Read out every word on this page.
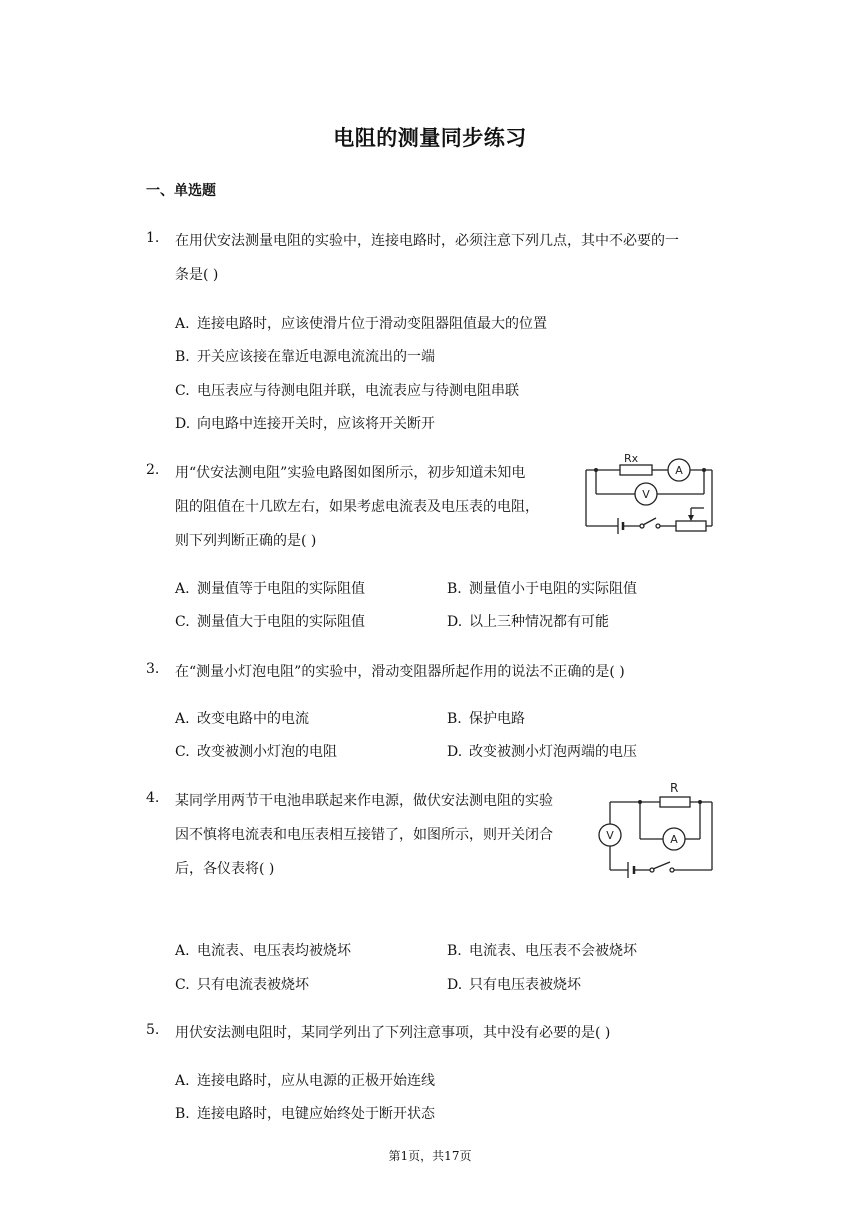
电阻的测量同步练习
一、单选题
1. 在用伏安法测量电阻的实验中，连接电路时，必须注意下列几点，其中不必要的一
条是( )
A. 连接电路时，应该使滑片位于滑动变阻器阻值最大的位置
B. 开关应该接在靠近电源电流流出的一端
C. 电压表应与待测电阻并联，电流表应与待测电阻串联
D. 向电路中连接开关时，应该将开关断开
2. 用“伏安法测电阻”实验电路图如图所示，初步知道未知电
阻的阻值在十几欧左右，如果考虑电流表及电压表的电阻，
则下列判断正确的是( )
Rx
A
V
A. 测量值等于电阻的实际阻值	B. 测量值小于电阻的实际阻值
C. 测量值大于电阻的实际阻值	D. 以上三种情况都有可能
3. 在“测量小灯泡电阻”的实验中，滑动变阻器所起作用的说法不正确的是( )
A. 改变电路中的电流	B. 保护电路
C. 改变被测小灯泡的电阻	D. 改变被测小灯泡两端的电压
4. 某同学用两节干电池串联起来作电源，做伏安法测电阻的实验
因不慎将电流表和电压表相互接错了，如图所示，则开关闭合
后，各仪表将( )
R
A
V
A. 电流表、电压表均被烧坏	B. 电流表、电压表不会被烧坏
C. 只有电流表被烧坏	D. 只有电压表被烧坏
5. 用伏安法测电阻时，某同学列出了下列注意事项，其中没有必要的是( )
A. 连接电路时，应从电源的正极开始连线
B. 连接电路时，电键应始终处于断开状态
第1页，共17页
